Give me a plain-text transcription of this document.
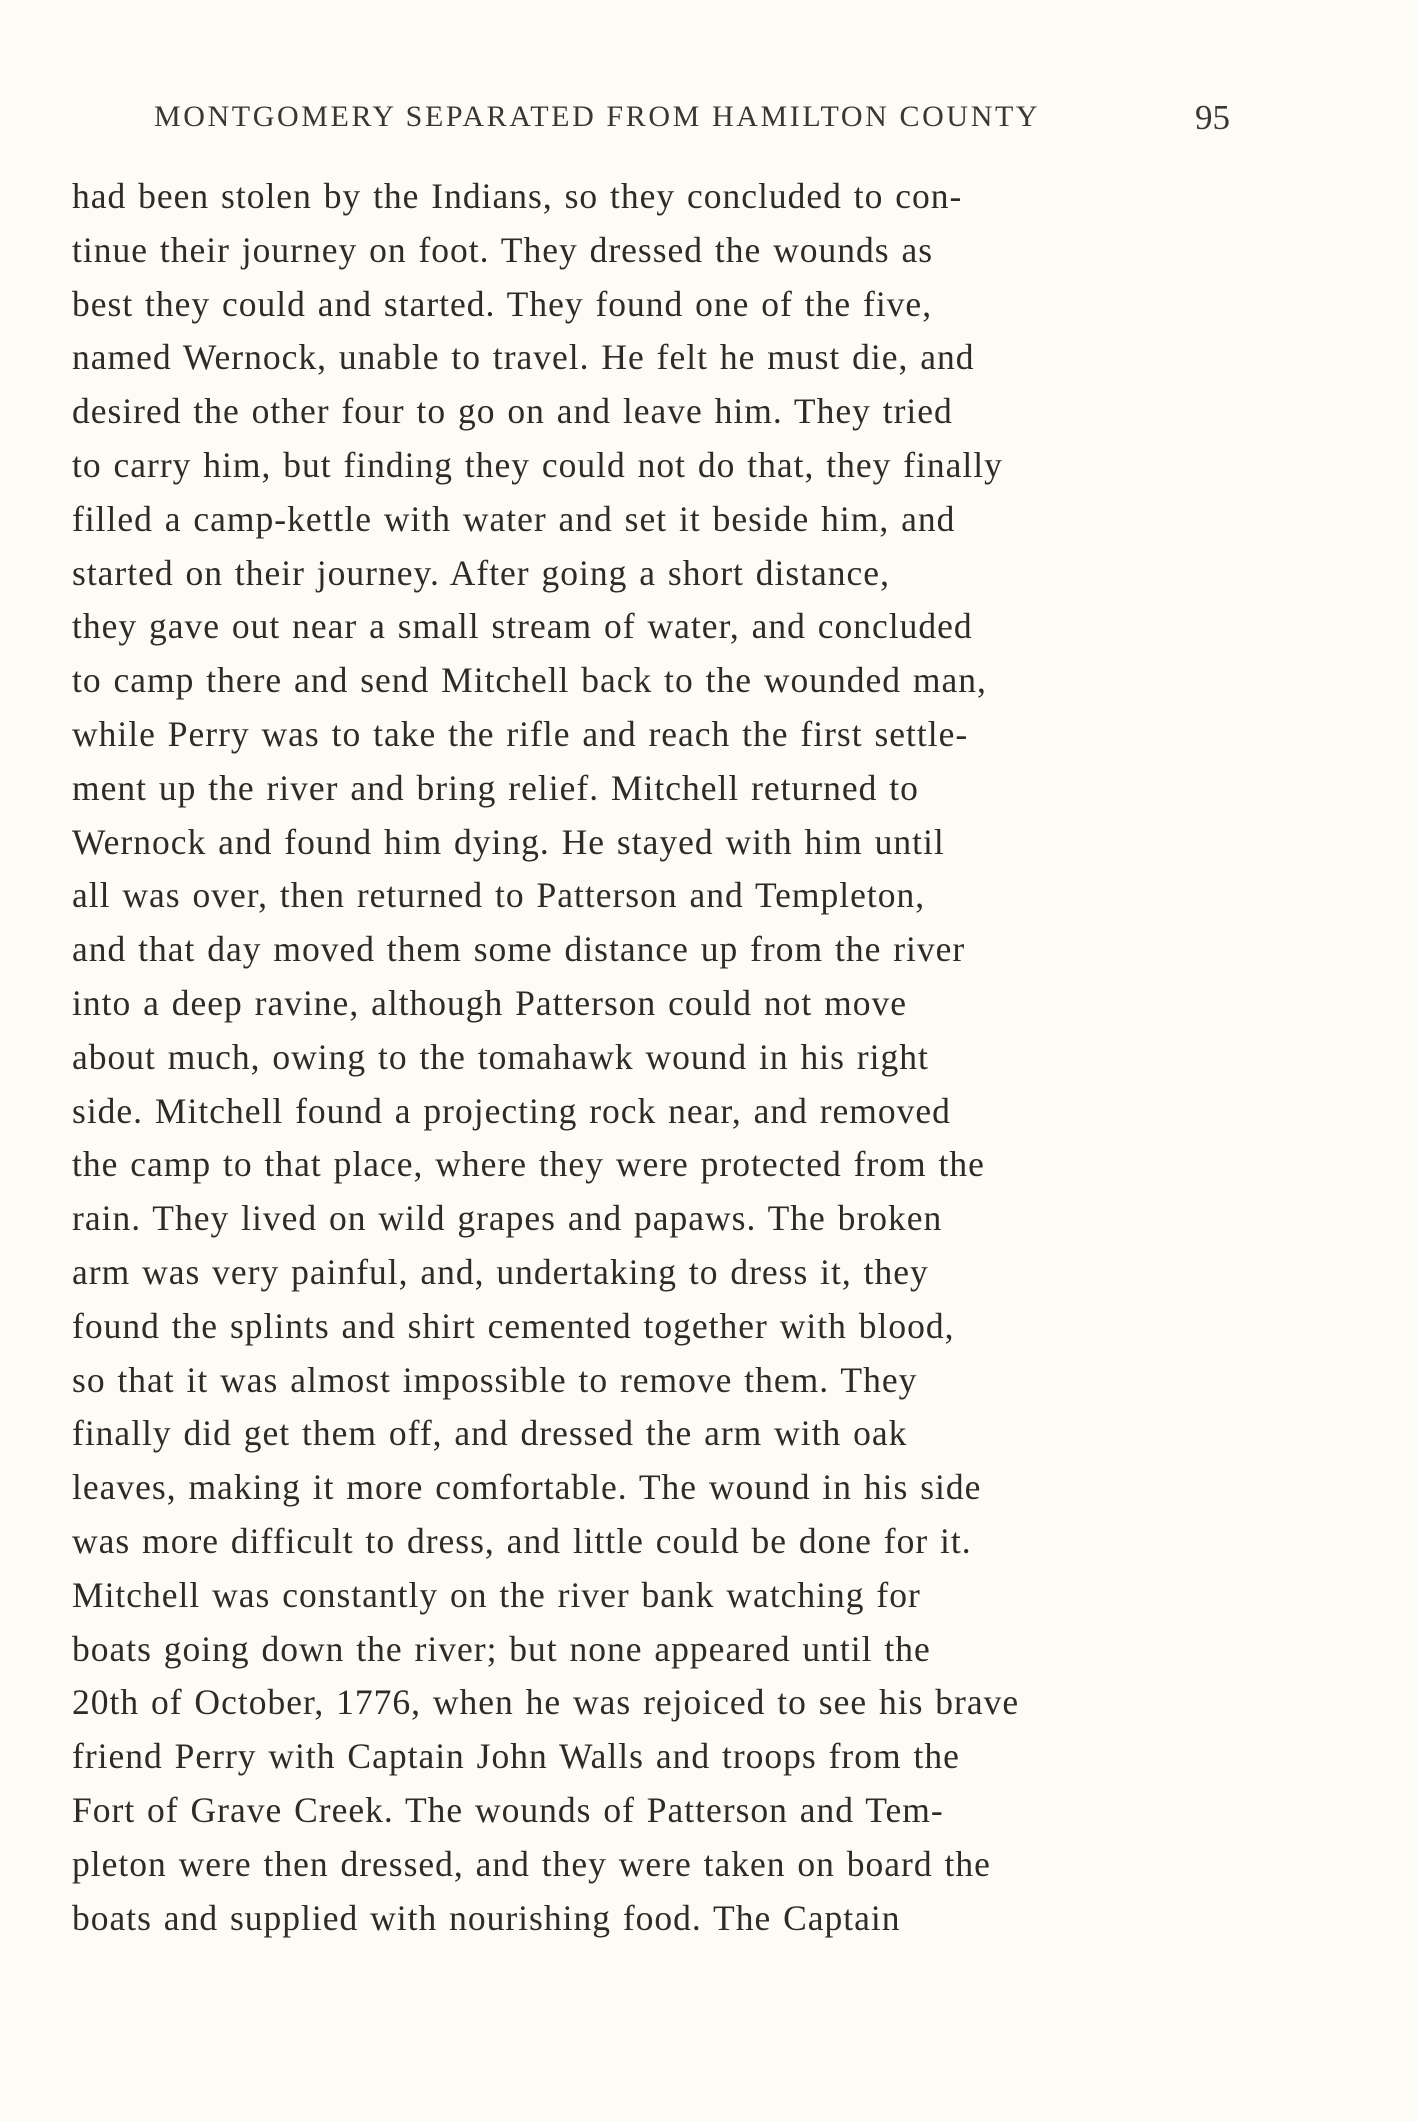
MONTGOMERY SEPARATED FROM HAMILTON COUNTY	95
had been stolen by the Indians, so they concluded to con-
tinue their journey on foot. They dressed the wounds as
best they could and started. They found one of the five,
named Wernock, unable to travel. He felt he must die, and
desired the other four to go on and leave him. They tried
to carry him, but finding they could not do that, they finally
filled a camp-kettle with water and set it beside him, and
started on their journey. After going a short distance,
they gave out near a small stream of water, and concluded
to camp there and send Mitchell back to the wounded man,
while Perry was to take the rifle and reach the first settle-
ment up the river and bring relief. Mitchell returned to
Wernock and found him dying. He stayed with him until
all was over, then returned to Patterson and Templeton,
and that day moved them some distance up from the river
into a deep ravine, although Patterson could not move
about much, owing to the tomahawk wound in his right
side. Mitchell found a projecting rock near, and removed
the camp to that place, where they were protected from the
rain. They lived on wild grapes and papaws. The broken
arm was very painful, and, undertaking to dress it, they
found the splints and shirt cemented together with blood,
so that it was almost impossible to remove them. They
finally did get them off, and dressed the arm with oak
leaves, making it more comfortable. The wound in his side
was more difficult to dress, and little could be done for it.
Mitchell was constantly on the river bank watching for
boats going down the river; but none appeared until the
20th of October, 1776, when he was rejoiced to see his brave
friend Perry with Captain John Walls and troops from the
Fort of Grave Creek. The wounds of Patterson and Tem-
pleton were then dressed, and they were taken on board the
boats and supplied with nourishing food. The Captain
